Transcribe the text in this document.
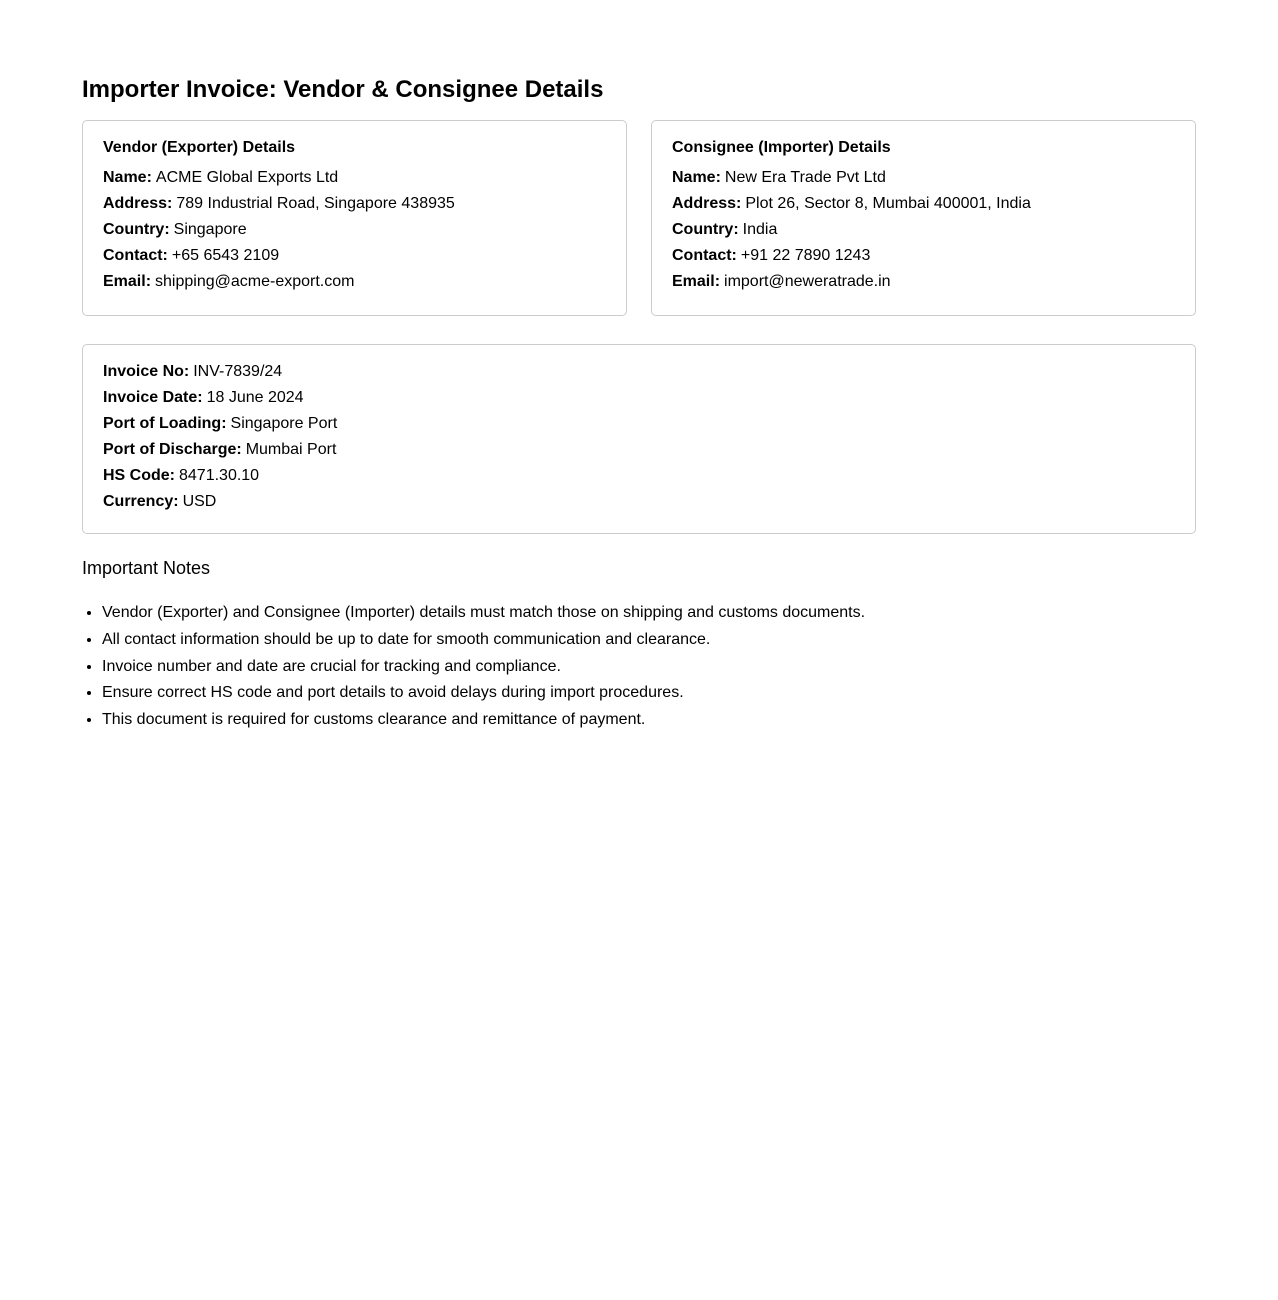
Importer Invoice: Vendor & Consignee Details
Vendor (Exporter) Details
Name: ACME Global Exports Ltd
Address: 789 Industrial Road, Singapore 438935
Country: Singapore
Contact: +65 6543 2109
Email: shipping@acme-export.com
Consignee (Importer) Details
Name: New Era Trade Pvt Ltd
Address: Plot 26, Sector 8, Mumbai 400001, India
Country: India
Contact: +91 22 7890 1243
Email: import@neweratrade.in
Invoice No: INV-7839/24
Invoice Date: 18 June 2024
Port of Loading: Singapore Port
Port of Discharge: Mumbai Port
HS Code: 8471.30.10
Currency: USD
Important Notes
• Vendor (Exporter) and Consignee (Importer) details must match those on shipping and customs documents.
• All contact information should be up to date for smooth communication and clearance.
• Invoice number and date are crucial for tracking and compliance.
• Ensure correct HS code and port details to avoid delays during import procedures.
• This document is required for customs clearance and remittance of payment.
